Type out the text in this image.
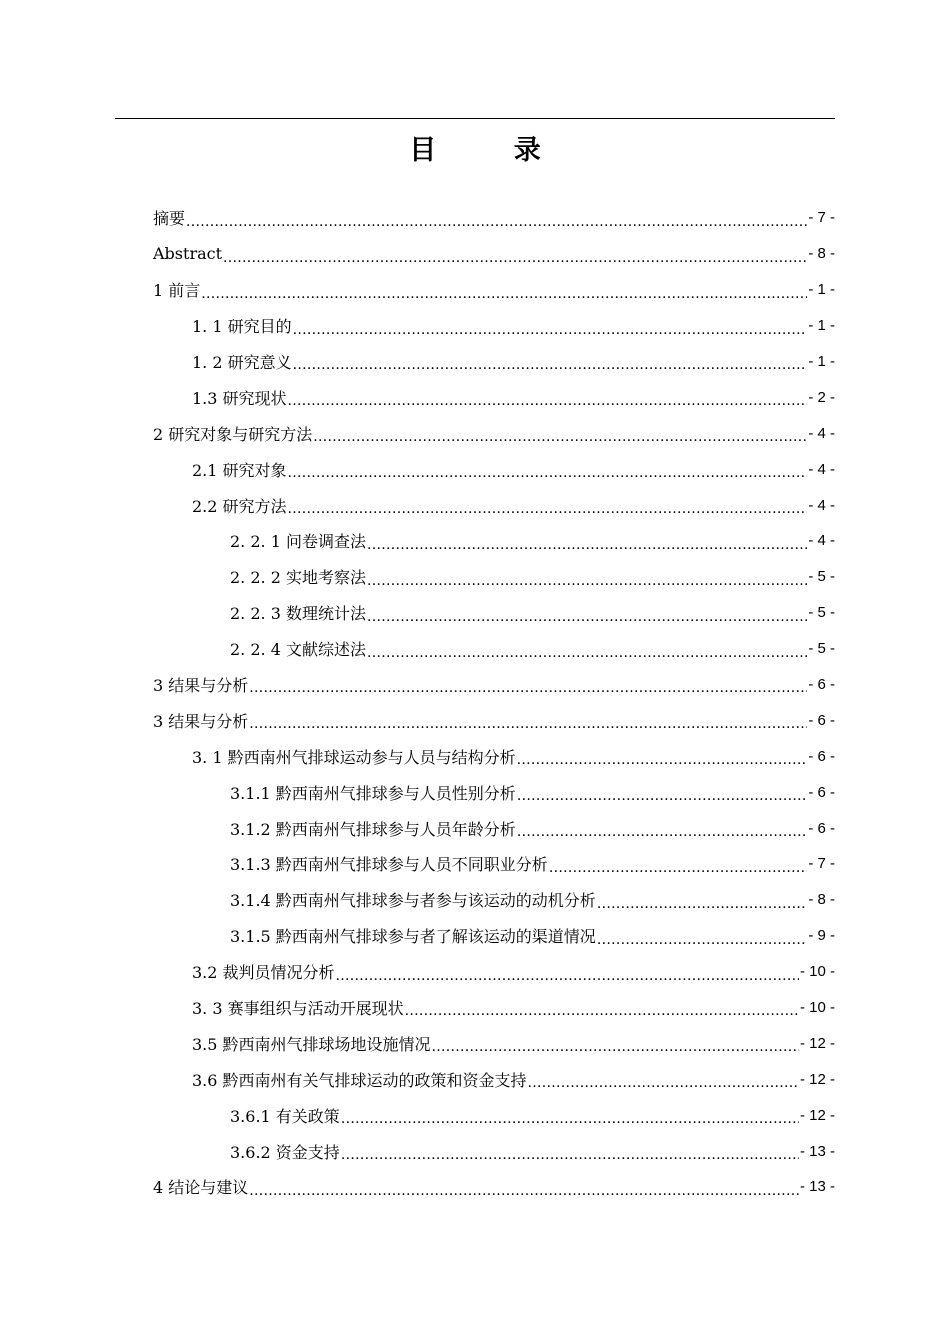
目 录
摘要 .....	- 7 -
Abstract .....	- 8 -
1 前言 .....	- 1 -
1. 1 研究目的 .....	- 1 -
1. 2 研究意义 .....	- 1 -
1.3 研究现状 .....	- 2 -
2 研究对象与研究方法 .....	- 4 -
2.1 研究对象 .....	- 4 -
2.2 研究方法 .....	- 4 -
2. 2. 1 问卷调查法 .....	- 4 -
2. 2. 2 实地考察法 .....	- 5 -
2. 2. 3 数理统计法 .....	- 5 -
2. 2. 4 文献综述法 .....	- 5 -
3 结果与分析 .....	- 6 -
3 结果与分析 .....	- 6 -
3. 1 黔西南州气排球运动参与人员与结构分析 .....	- 6 -
3.1.1 黔西南州气排球参与人员性别分析 .....	- 6 -
3.1.2 黔西南州气排球参与人员年龄分析 .....	- 6 -
3.1.3 黔西南州气排球参与人员不同职业分析 .....	- 7 -
3.1.4 黔西南州气排球参与者参与该运动的动机分析 .....	- 8 -
3.1.5 黔西南州气排球参与者了解该运动的渠道情况 .....	- 9 -
3.2 裁判员情况分析 .....	- 10 -
3. 3 赛事组织与活动开展现状 .....	- 10 -
3.5 黔西南州气排球场地设施情况 .....	- 12 -
3.6 黔西南州有关气排球运动的政策和资金支持 .....	- 12 -
3.6.1 有关政策 .....	- 12 -
3.6.2 资金支持 .....	- 13 -
4 结论与建议 .....	- 13 -
